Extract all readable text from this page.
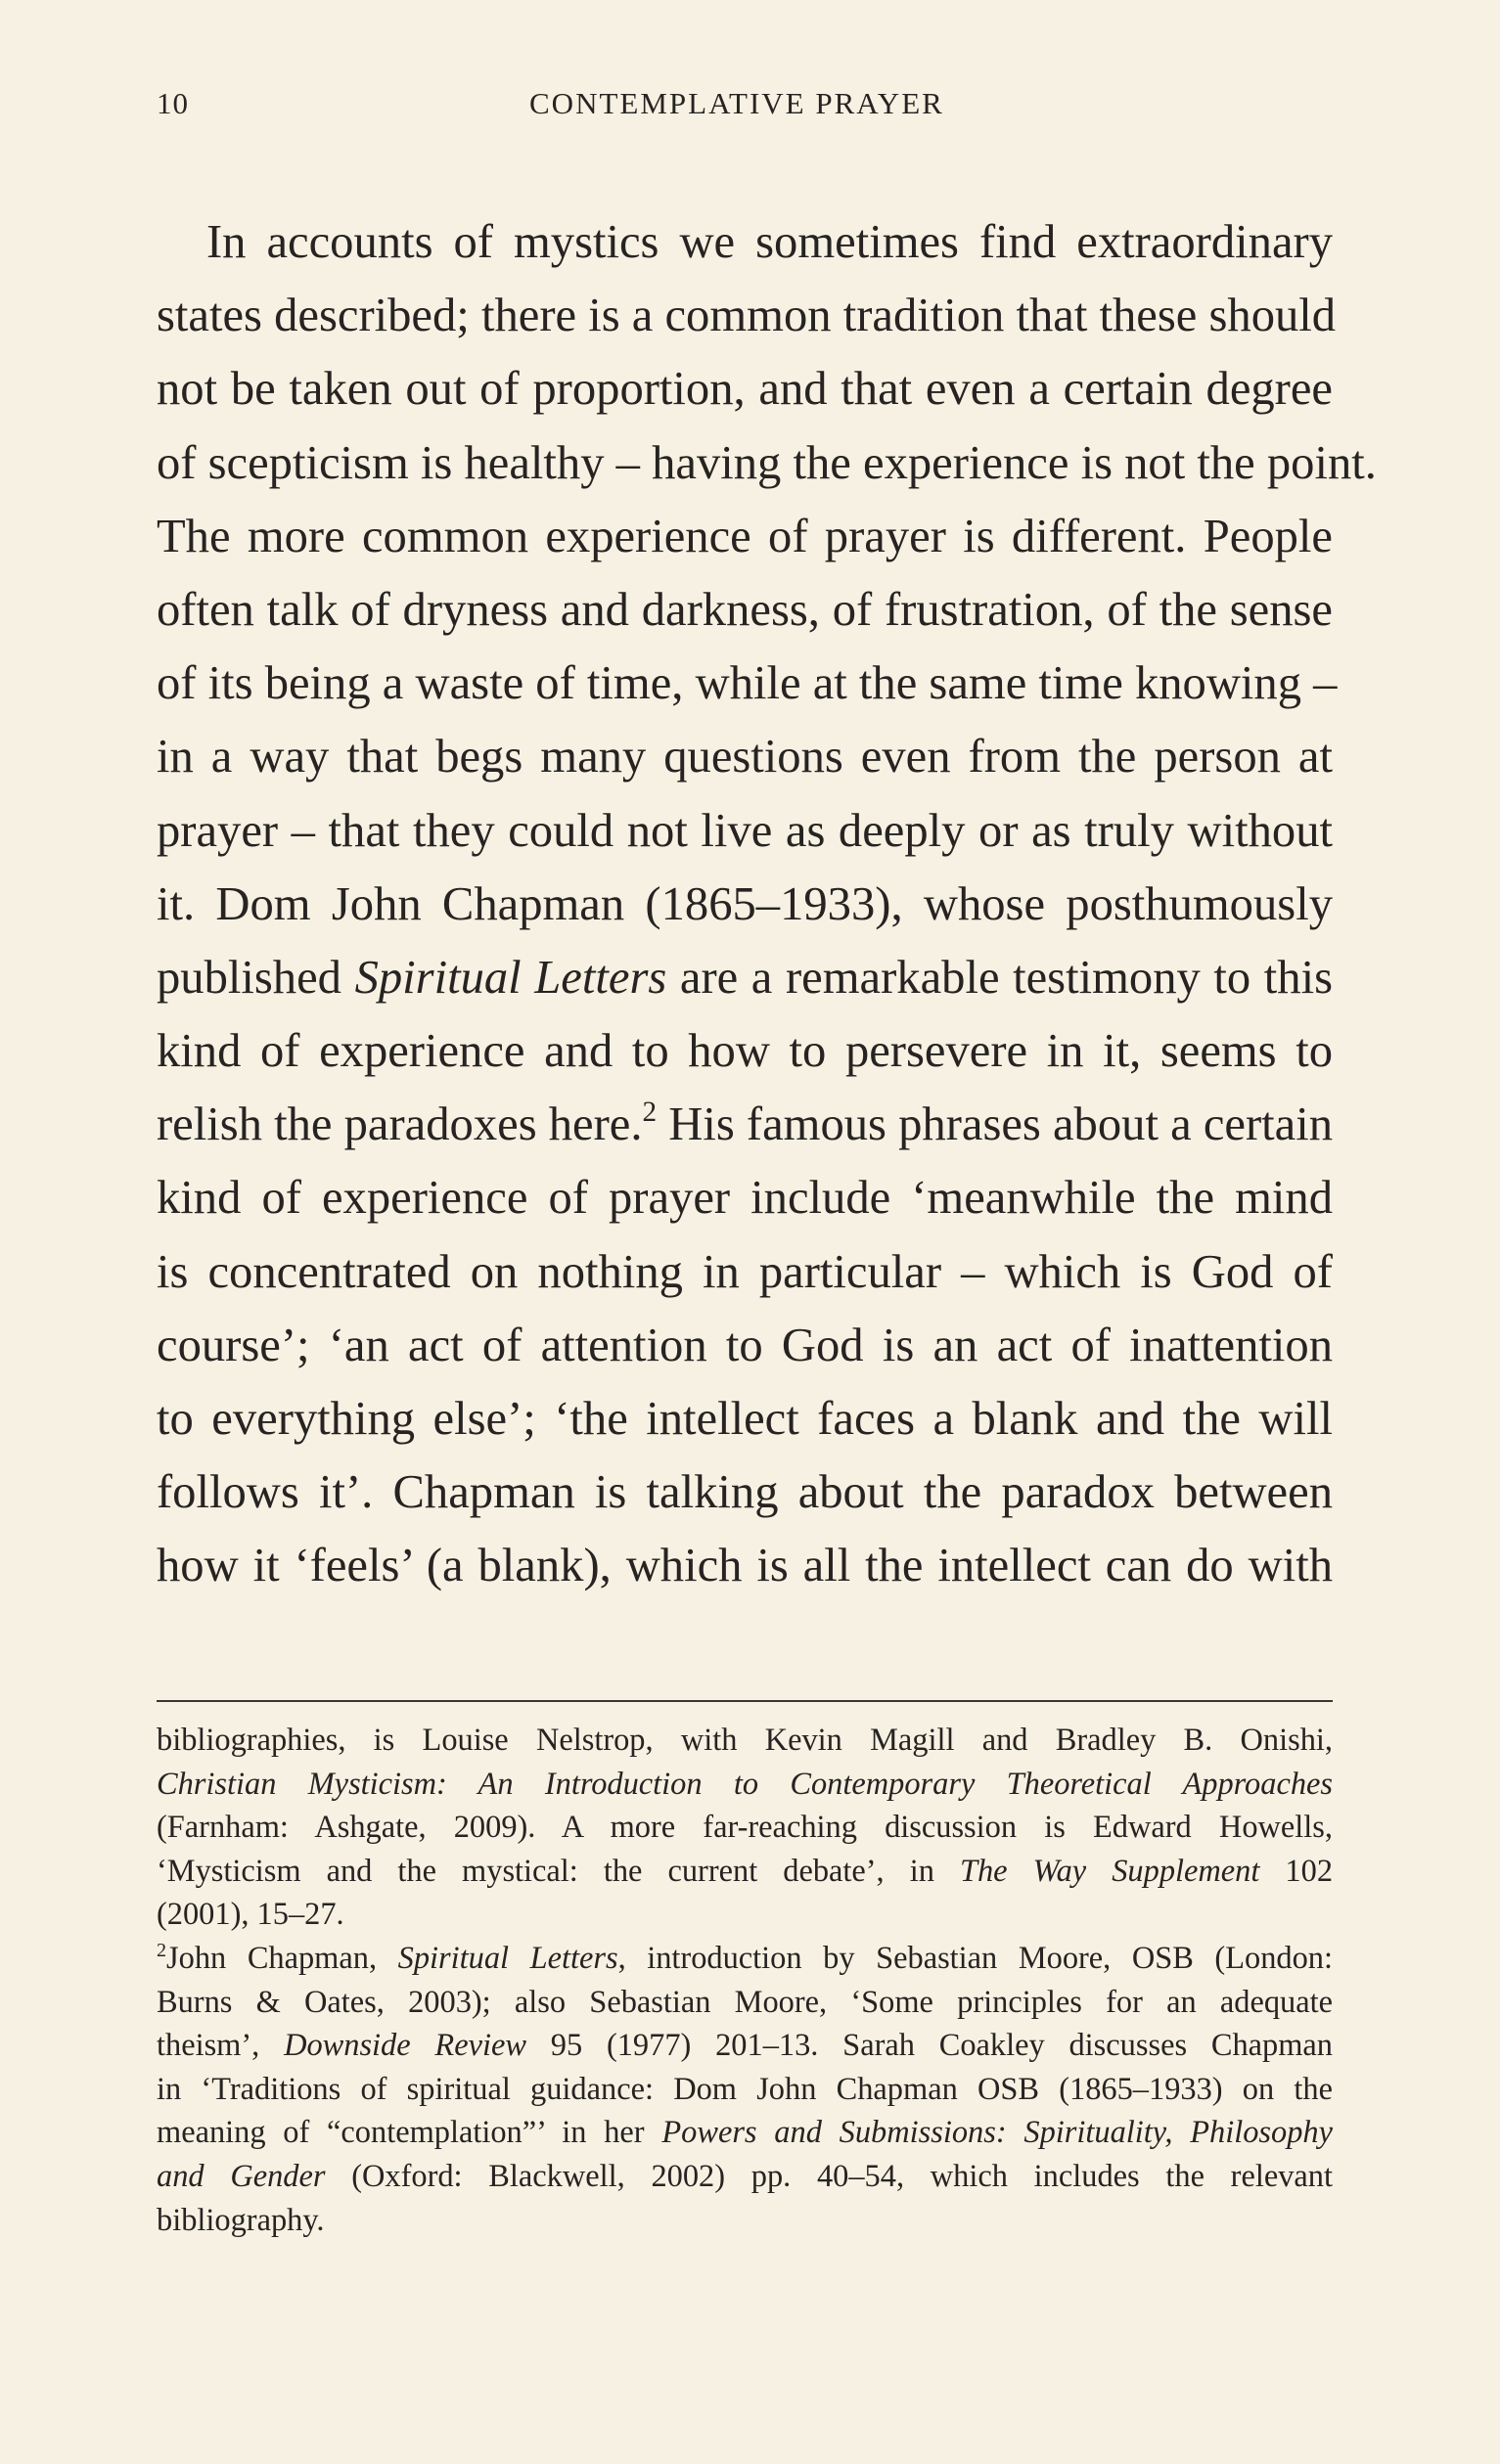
10	CONTEMPLATIVE PRAYER
In accounts of mystics we sometimes find extraordinary
states described; there is a common tradition that these should
not be taken out of proportion, and that even a certain degree
of scepticism is healthy – having the experience is not the point.
The more common experience of prayer is different. People
often talk of dryness and darkness, of frustration, of the sense
of its being a waste of time, while at the same time knowing –
in a way that begs many questions even from the person at
prayer – that they could not live as deeply or as truly without
it. Dom John Chapman (1865–1933), whose posthumously
published Spiritual Letters are a remarkable testimony to this
kind of experience and to how to persevere in it, seems to
relish the paradoxes here.$^2$ His famous phrases about a certain
kind of experience of prayer include ‘meanwhile the mind
is concentrated on nothing in particular – which is God of
course’; ‘an act of attention to God is an act of inattention
to everything else’; ‘the intellect faces a blank and the will
follows it’. Chapman is talking about the paradox between
how it ‘feels’ (a blank), which is all the intellect can do with
bibliographies, is Louise Nelstrop, with Kevin Magill and Bradley B. Onishi,
Christian Mysticism: An Introduction to Contemporary Theoretical Approaches
(Farnham: Ashgate, 2009). A more far-reaching discussion is Edward Howells,
‘Mysticism and the mystical: the current debate’, in The Way Supplement 102
(2001), 15–27.
$^2$John Chapman, Spiritual Letters, introduction by Sebastian Moore, OSB (London:
Burns & Oates, 2003); also Sebastian Moore, ‘Some principles for an adequate
theism’, Downside Review 95 (1977) 201–13. Sarah Coakley discusses Chapman
in ‘Traditions of spiritual guidance: Dom John Chapman OSB (1865–1933) on the
meaning of “contemplation”’ in her Powers and Submissions: Spirituality, Philosophy
and Gender (Oxford: Blackwell, 2002) pp. 40–54, which includes the relevant
bibliography.
